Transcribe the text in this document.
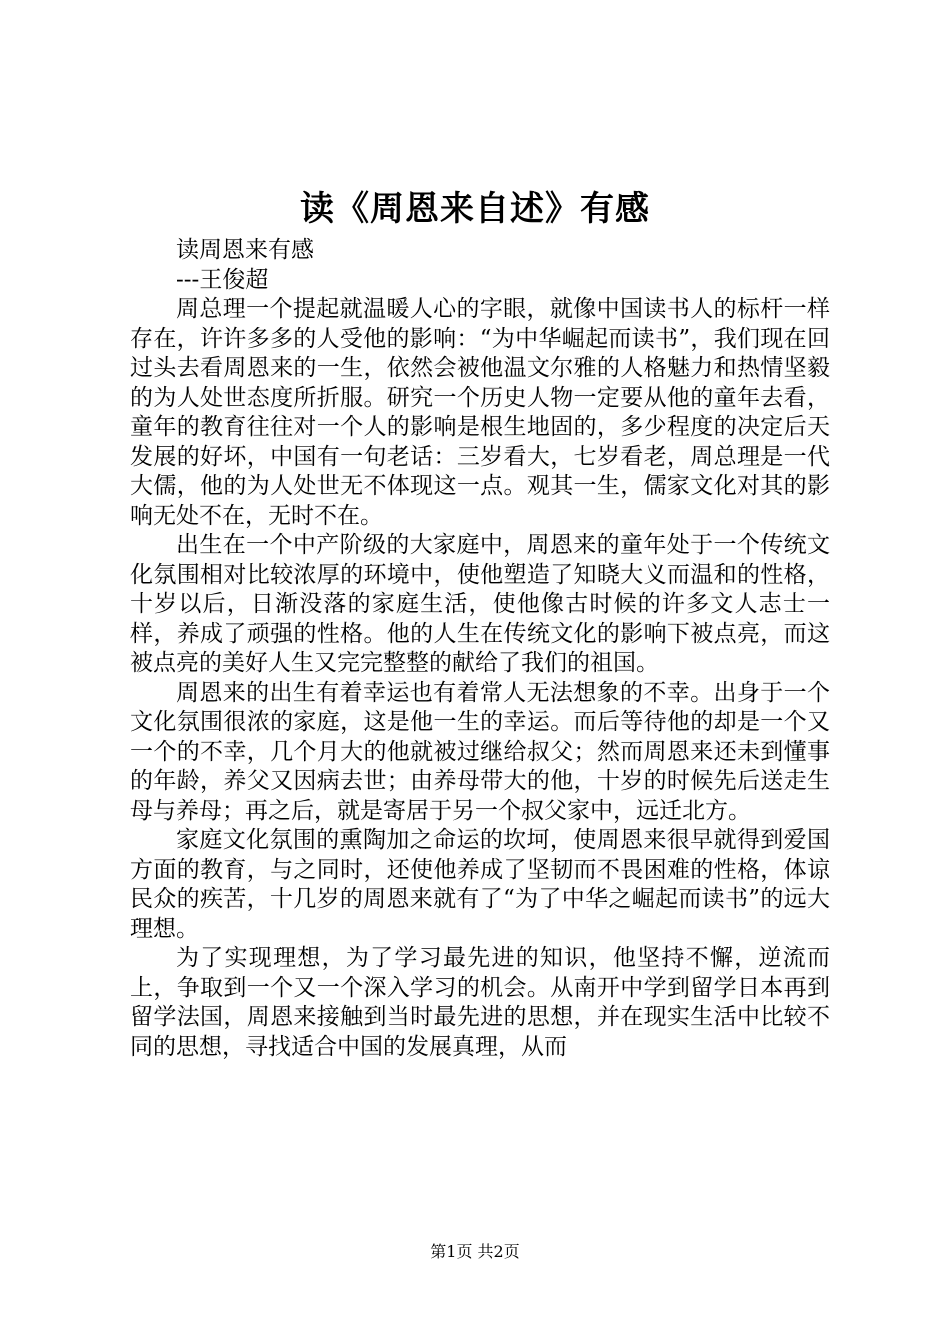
读《周恩来自述》有感

读周恩来有感

---王俊超

周总理一个提起就温暖人心的字眼，就像中国读书人的标杆一样存在，许许多多的人受他的影响：“为中华崛起而读书”，我们现在回过头去看周恩来的一生，依然会被他温文尔雅的人格魅力和热情坚毅的为人处世态度所折服。研究一个历史人物一定要从他的童年去看，童年的教育往往对一个人的影响是根生地固的，多少程度的决定后天发展的好坏，中国有一句老话：三岁看大，七岁看老，周总理是一代大儒，他的为人处世无不体现这一点。观其一生，儒家文化对其的影响无处不在，无时不在。

出生在一个中产阶级的大家庭中，周恩来的童年处于一个传统文化氛围相对比较浓厚的环境中，使他塑造了知晓大义而温和的性格，十岁以后，日渐没落的家庭生活，使他像古时候的许多文人志士一样，养成了顽强的性格。他的人生在传统文化的影响下被点亮，而这被点亮的美好人生又完完整整的献给了我们的祖国。

周恩来的出生有着幸运也有着常人无法想象的不幸。出身于一个文化氛围很浓的家庭，这是他一生的幸运。而后等待他的却是一个又一个的不幸，几个月大的他就被过继给叔父；然而周恩来还未到懂事的年龄，养父又因病去世；由养母带大的他，十岁的时候先后送走生母与养母；再之后，就是寄居于另一个叔父家中，远迁北方。

家庭文化氛围的熏陶加之命运的坎坷，使周恩来很早就得到爱国方面的教育，与之同时，还使他养成了坚韧而不畏困难的性格，体谅民众的疾苦，十几岁的周恩来就有了“为了中华之崛起而读书”的远大理想。

为了实现理想，为了学习最先进的知识，他坚持不懈，逆流而上，争取到一个又一个深入学习的机会。从南开中学到留学日本再到留学法国，周恩来接触到当时最先进的思想，并在现实生活中比较不同的思想，寻找适合中国的发展真理，从而

第1页 共2页
